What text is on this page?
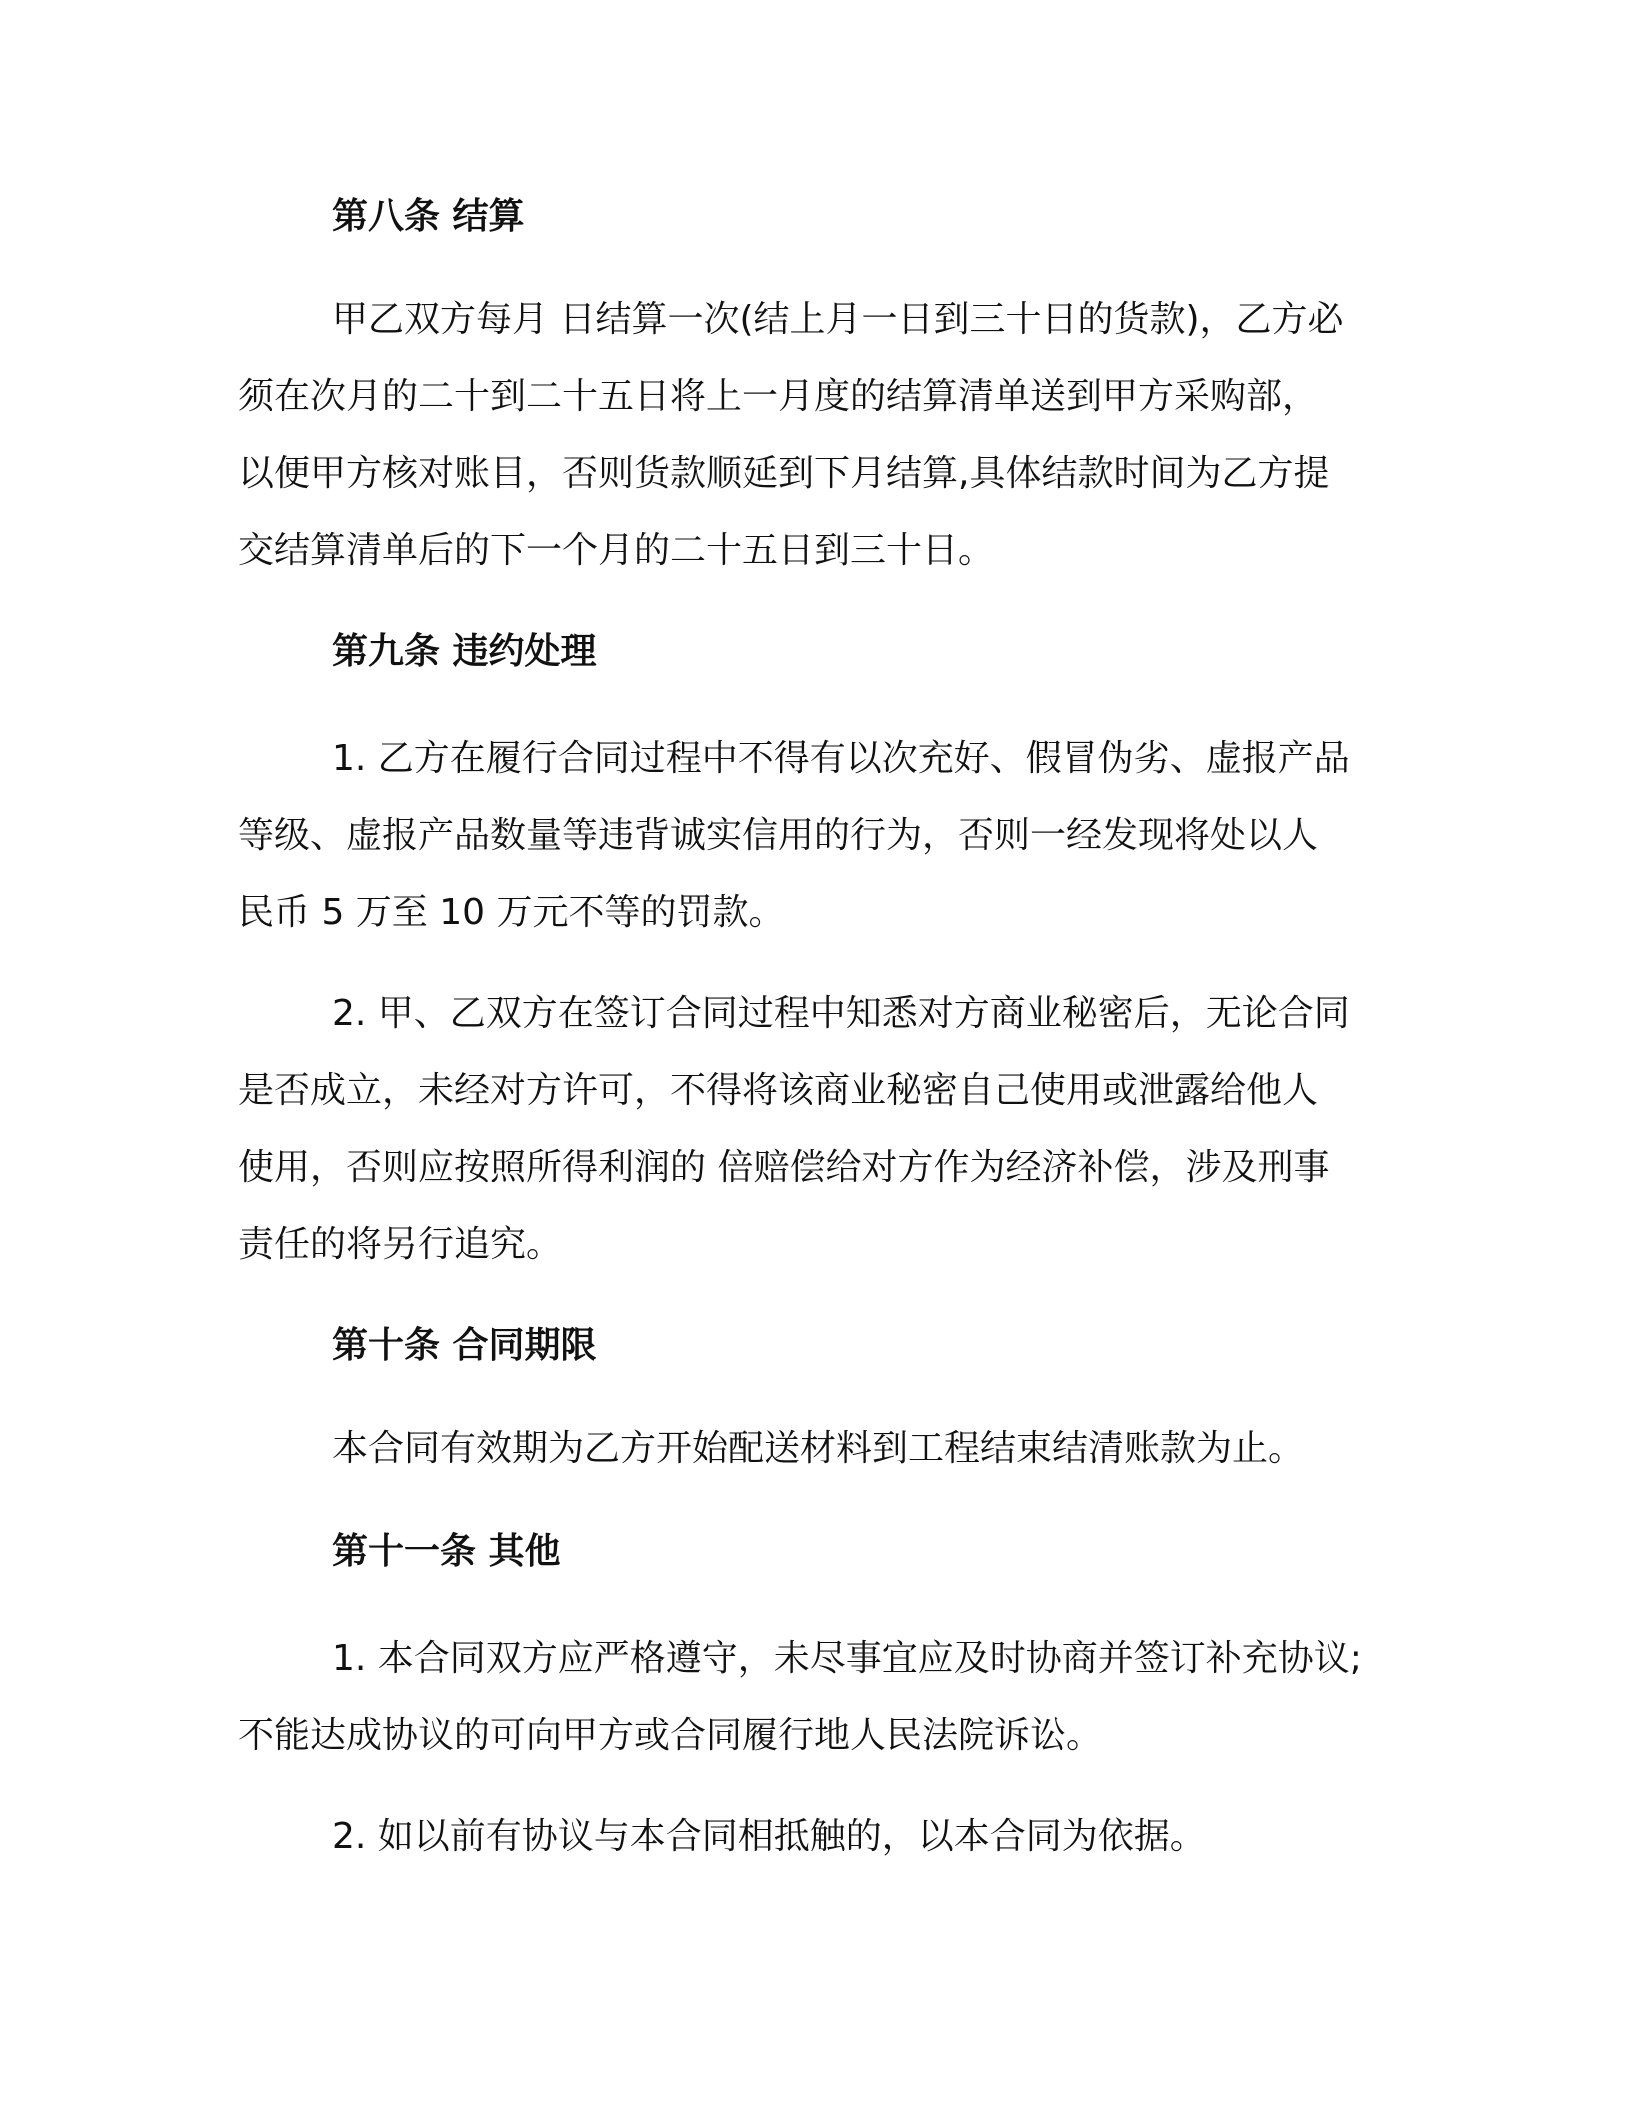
第八条 结算

甲乙双方每月 日结算一次(结上月一日到三十日的货款)，乙方必

须在次月的二十到二十五日将上一月度的结算清单送到甲方采购部，

以便甲方核对账目，否则货款顺延到下月结算,具体结款时间为乙方提

交结算清单后的下一个月的二十五日到三十日。

第九条 违约处理

1. 乙方在履行合同过程中不得有以次充好、假冒伪劣、虚报产品

等级、虚报产品数量等违背诚实信用的行为，否则一经发现将处以人

民币 5 万至 10 万元不等的罚款。

2. 甲、乙双方在签订合同过程中知悉对方商业秘密后，无论合同

是否成立，未经对方许可，不得将该商业秘密自己使用或泄露给他人

使用，否则应按照所得利润的 倍赔偿给对方作为经济补偿，涉及刑事

责任的将另行追究。

第十条 合同期限

本合同有效期为乙方开始配送材料到工程结束结清账款为止。

第十一条 其他

1. 本合同双方应严格遵守，未尽事宜应及时协商并签订补充协议;

不能达成协议的可向甲方或合同履行地人民法院诉讼。

2. 如以前有协议与本合同相抵触的，以本合同为依据。
